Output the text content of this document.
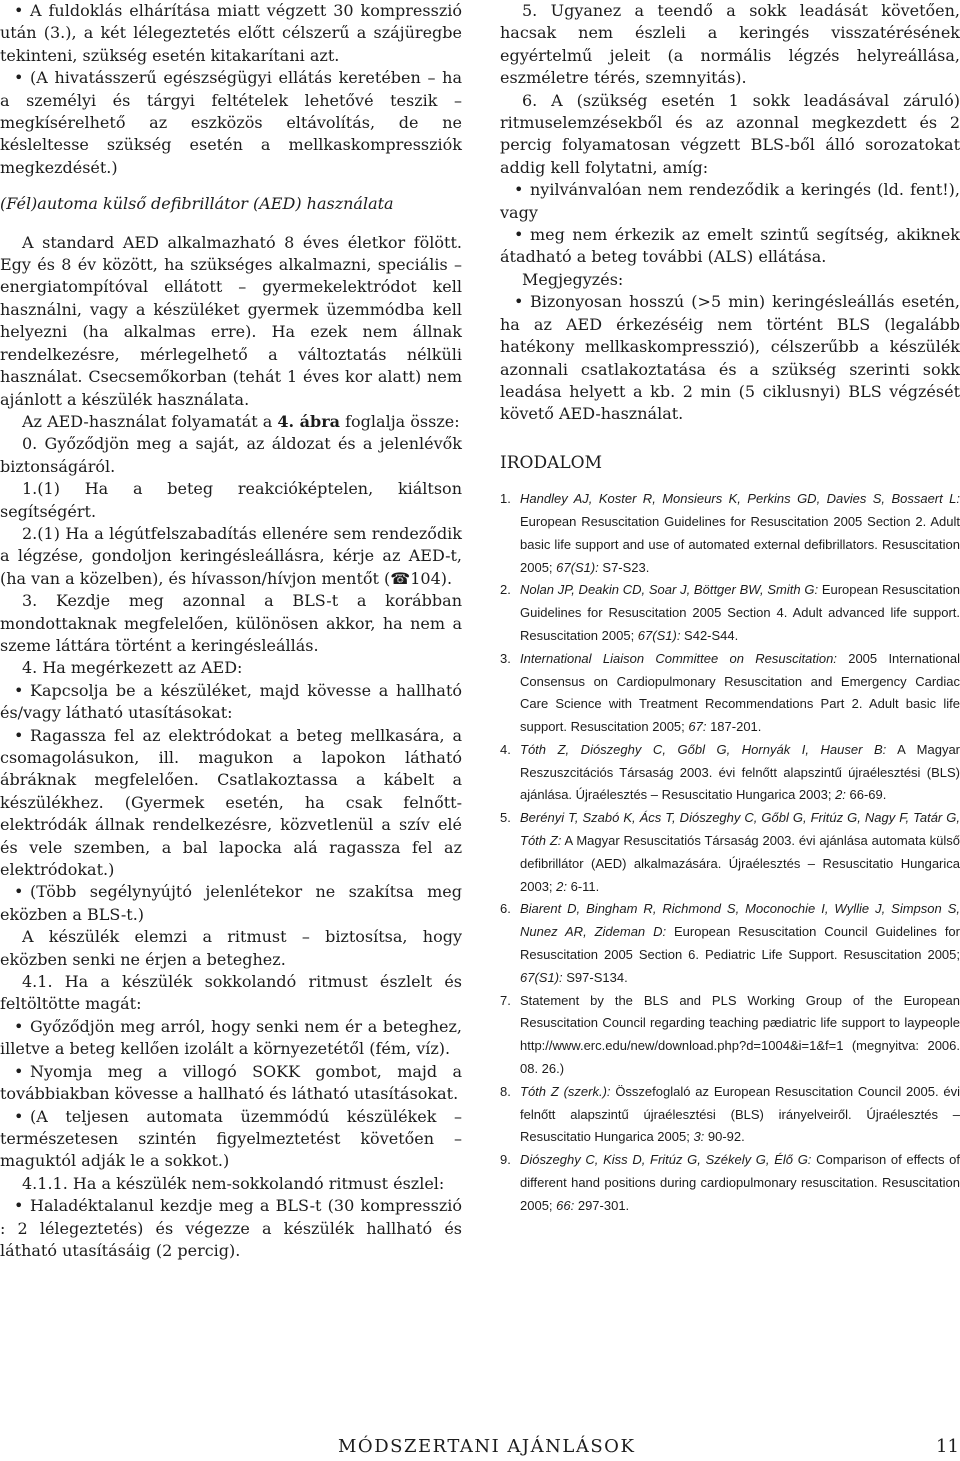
• A fuldoklás elhárítása miatt végzett 30 kompresszió után (3.), a két lélegeztetés előtt célszerű a szájüregbe tekinteni, szükség esetén kitakarítani azt.

• (A hivatásszerű egészségügyi ellátás keretében – ha a személyi és tárgyi feltételek lehetővé teszik – megkísérelhető az eszközös eltávolítás, de ne késleltesse szükség esetén a mellkaskompressziók megkezdését.)

(Fél)automa külső defibrillátor (AED) használata

A standard AED alkalmazható 8 éves életkor fölött. Egy és 8 év között, ha szükséges alkalmazni, speciális – energiatompítóval ellátott – gyermekelektródot kell használni, vagy a készüléket gyermek üzemmódba kell helyezni (ha alkalmas erre). Ha ezek nem állnak rendelkezésre, mérlegelhető a változtatás nélküli használat. Csecsemőkorban (tehát 1 éves kor alatt) nem ajánlott a készülék használata.

Az AED-használat folyamatát a 4. ábra foglalja össze:

0. Győződjön meg a saját, az áldozat és a jelenlévők biztonságáról.

1.(1) Ha a beteg reakcióképtelen, kiáltson segítségért.

2.(1) Ha a légútfelszabadítás ellenére sem rendeződik a légzése, gondoljon keringésleállásra, kérje az AED-t, (ha van a közelben), és hívasson/hívjon mentőt (☎104).

3. Kezdje meg azonnal a BLS-t a korábban mondottaknak megfelelően, különösen akkor, ha nem a szeme láttára történt a keringésleállás.

4. Ha megérkezett az AED:

• Kapcsolja be a készüléket, majd kövesse a hallható és/vagy látható utasításokat:

• Ragassza fel az elektródokat a beteg mellkasára, a csomagolásukon, ill. magukon a lapokon látható ábráknak megfelelően. Csatlakoztassa a kábelt a készülékhez. (Gyermek esetén, ha csak felnőtt-elektródák állnak rendelkezésre, közvetlenül a szív elé és vele szemben, a bal lapocka alá ragassza fel az elektródokat.)

• (Több segélynyújtó jelenlétekor ne szakítsa meg eközben a BLS-t.)

A készülék elemzi a ritmust – biztosítsa, hogy eközben senki ne érjen a beteghez.

4.1. Ha a készülék sokkolandó ritmust észlelt és feltöltötte magát:

• Győződjön meg arról, hogy senki nem ér a beteghez, illetve a beteg kellően izolált a környezetétől (fém, víz).

• Nyomja meg a villogó SOKK gombot, majd a továbbiakban kövesse a hallható és látható utasításokat.

• (A teljesen automata üzemmódú készülékek – természetesen szintén figyelmeztetést követően – maguktól adják le a sokkot.)

4.1.1. Ha a készülék nem-sokkolandó ritmust észlel:

• Haladéktalanul kezdje meg a BLS-t (30 kompresszió : 2 lélegeztetés) és végezze a készülék hallható és látható utasításáig (2 percig).

5. Ugyanez a teendő a sokk leadását követően, hacsak nem észleli a keringés visszatérésének egyértelmű jeleit (a normális légzés helyreállása, eszméletre térés, szemnyitás).

6. A (szükség esetén 1 sokk leadásával záruló) ritmuselemzésekből és az azonnal megkezdett és 2 percig folyamatosan végzett BLS-ből álló sorozatokat addig kell folytatni, amíg:

• nyilvánvalóan nem rendeződik a keringés (ld. fent!), vagy

• meg nem érkezik az emelt szintű segítség, akiknek átadható a beteg további (ALS) ellátása.

Megjegyzés:

• Bizonyosan hosszú (>5 min) keringésleállás esetén, ha az AED érkezéséig nem történt BLS (legalább hatékony mellkaskompresszió), célszerűbb a készülék azonnali csatlakoztatása és a szükség szerinti sokk leadása helyett a kb. 2 min (5 ciklusnyi) BLS végzését követő AED-használat.

IRODALOM

1. Handley AJ, Koster R, Monsieurs K, Perkins GD, Davies S, Bossaert L: European Resuscitation Guidelines for Resuscitation 2005 Section 2. Adult basic life support and use of automated external defibrillators. Resuscitation 2005; 67(S1): S7-S23.
2. Nolan JP, Deakin CD, Soar J, Böttger BW, Smith G: European Resuscitation Guidelines for Resuscitation 2005 Section 4. Adult advanced life support. Resuscitation 2005; 67(S1): S42-S44.
3. International Liaison Committee on Resuscitation: 2005 International Consensus on Cardiopulmonary Resuscitation and Emergency Cardiac Care Science with Treatment Recommendations Part 2. Adult basic life support. Resuscitation 2005; 67: 187-201.
4. Tóth Z, Diószeghy C, Gőbl G, Hornyák I, Hauser B: A Magyar Reszuszcitációs Társaság 2003. évi felnőtt alapszintű újraélesztési (BLS) ajánlása. Újraélesztés – Resuscitatio Hungarica 2003; 2: 66-69.
5. Berényi T, Szabó K, Ács T, Diószeghy C, Gőbl G, Fritúz G, Nagy F, Tatár G, Tóth Z: A Magyar Resuscitatiós Társaság 2003. évi ajánlása automata külső defibrillátor (AED) alkalmazására. Újraélesztés – Resuscitatio Hungarica 2003; 2: 6-11.
6. Biarent D, Bingham R, Richmond S, Moconochie I, Wyllie J, Simpson S, Nunez AR, Zideman D: European Resuscitation Council Guidelines for Resuscitation 2005 Section 6. Pediatric Life Support. Resuscitation 2005; 67(S1): S97-S134.
7. Statement by the BLS and PLS Working Group of the European Resuscitation Council regarding teaching pædiatric life support to laypeople http://www.erc.edu/new/download.php?d=1004&i=1&f=1 (megnyitva: 2006. 08. 26.)
8. Tóth Z (szerk.): Összefoglaló az European Resuscitation Council 2005. évi felnőtt alapszintű újraélesztési (BLS) irányelveiről. Újraélesztés – Resuscitatio Hungarica 2005; 3: 90-92.
9. Diószeghy C, Kiss D, Fritúz G, Székely G, Élő G: Comparison of effects of different hand positions during cardiopulmonary resuscitation. Resuscitation 2005; 66: 297-301.
MÓDSZERTANI AJÁNLÁSOK	11
